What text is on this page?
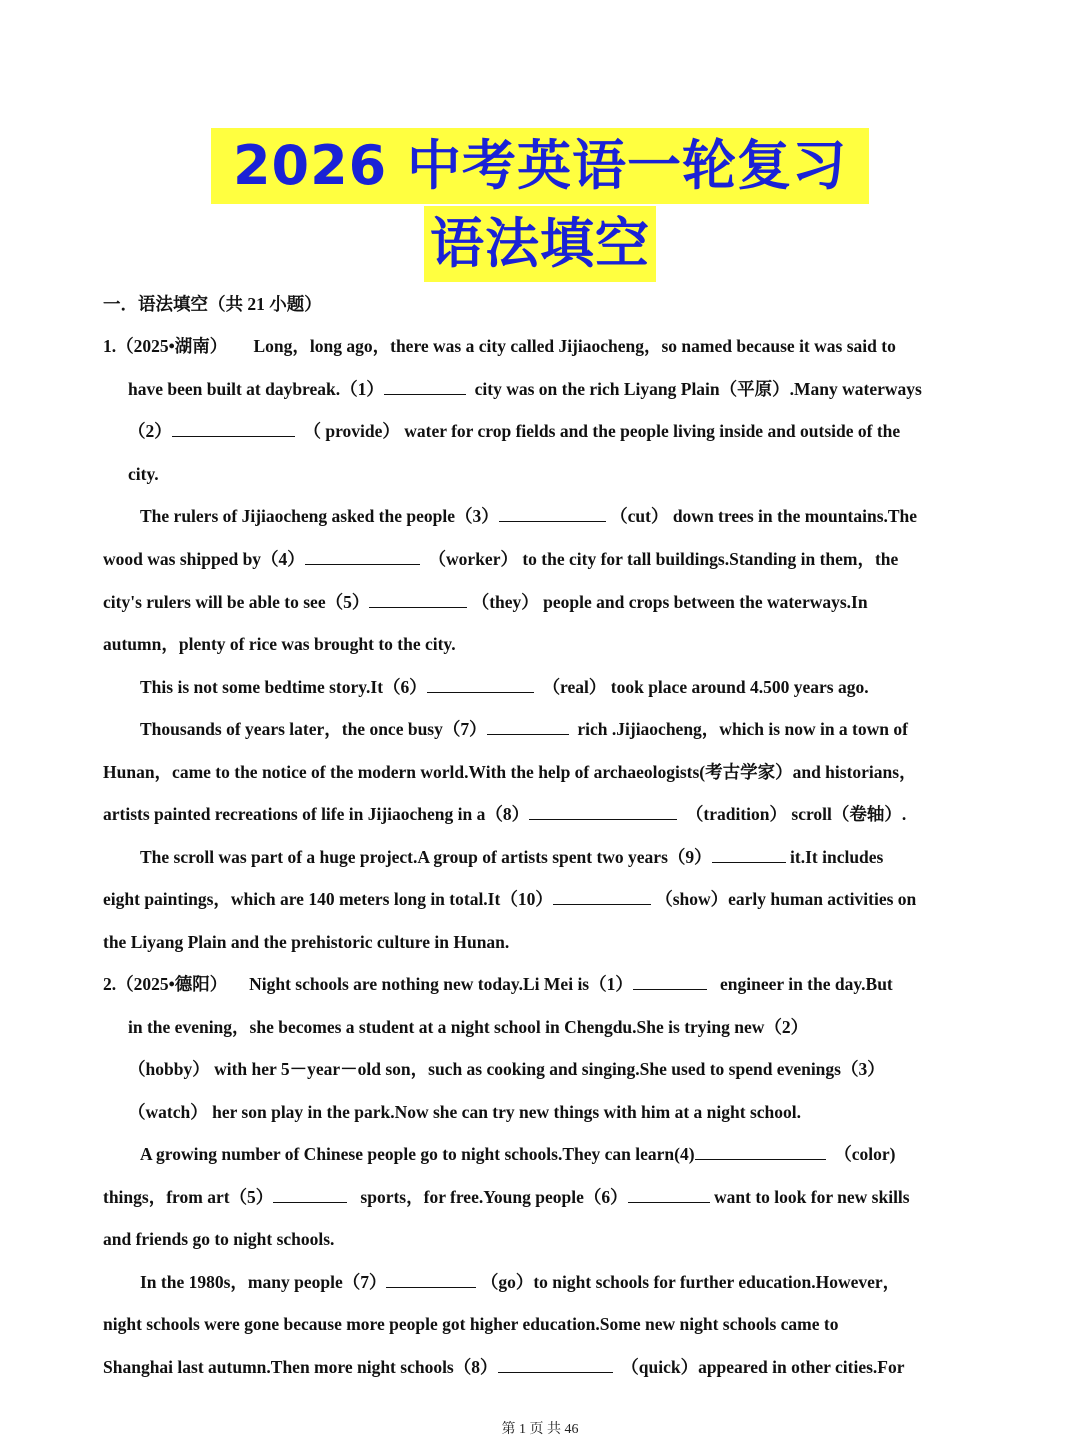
2026 中考英语一轮复习
语法填空
一．语法填空（共 21 小题）
1.（2025•湖南）      Long，long ago，there was a city called Jijiaocheng，so named because it was said to
have been built at daybreak.（1）	city was on the rich Liyang Plain（平原）.Many waterways
（2）	（ provide） water for crop fields and the people living inside and outside of the
city.
The rulers of Jijiaocheng asked the people（3）	（cut） down trees in the mountains.The
wood was shipped by（4）	（worker） to the city for tall buildings.Standing in them，the
city's rulers will be able to see（5）	（they） people and crops between the waterways.In
autumn，plenty of rice was brought to the city.
This is not some bedtime story.It（6）	（real） took place around 4.500 years ago.
Thousands of years later，the once busy（7）	rich .Jijiaocheng，which is now in a town of
Hunan，came to the notice of the modern world.With the help of archaeologists(考古学家）and historians，
artists painted recreations of life in Jijiaocheng in a（8）	（tradition） scroll（卷轴）.
The scroll was part of a huge project.A group of artists spent two years（9）	it.It includes
eight paintings，which are 140 meters long in total.It（10）	（show）early human activities on
the Liyang Plain and the prehistoric culture in Hunan.
2.（2025•德阳）     Night schools are nothing new today.Li Mei is（1）	engineer in the day.But
in the evening，she becomes a student at a night school in Chengdu.She is trying new（2）
（hobby） with her 5－year－old son，such as cooking and singing.She used to spend evenings（3）
（watch） her son play in the park.Now she can try new things with him at a night school.
A growing number of Chinese people go to night schools.They can learn(4)	（color)
things，from art（5）	sports，for free.Young people（6）	want to look for new skills
and friends go to night schools.
In the 1980s，many people（7）	（go）to night schools for further education.However，
night schools were gone because more people got higher education.Some new night schools came to
Shanghai last autumn.Then more night schools（8）	（quick）appeared in other cities.For
第 1 页 共 46
